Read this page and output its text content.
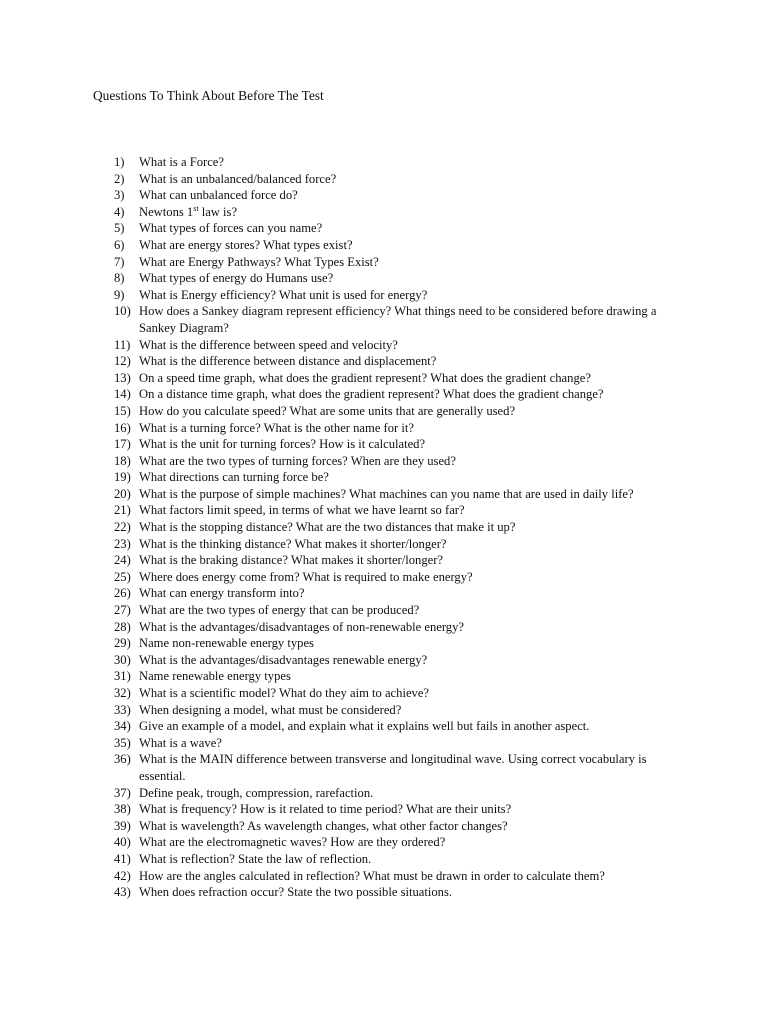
Questions To Think About Before The Test
1)	What is a Force?
2)	What is an unbalanced/balanced force?
3)	What can unbalanced force do?
4)	Newtons 1st law is?
5)	What types of forces can you name?
6)	What are energy stores? What types exist?
7)	What are Energy Pathways? What Types Exist?
8)	What types of energy do Humans use?
9)	What is Energy efficiency? What unit is used for energy?
10) How does a Sankey diagram represent efficiency? What things need to be considered before drawing a Sankey Diagram?
11) What is the difference between speed and velocity?
12) What is the difference between distance and displacement?
13) On a speed time graph, what does the gradient represent? What does the gradient change?
14) On a distance time graph, what does the gradient represent? What does the gradient change?
15) How do you calculate speed? What are some units that are generally used?
16) What is a turning force? What is the other name for it?
17) What is the unit for turning forces? How is it calculated?
18) What are the two types of turning forces? When are they used?
19) What directions can turning force be?
20) What is the purpose of simple machines? What machines can you name that are used in daily life?
21) What factors limit speed, in terms of what we have learnt so far?
22) What is the stopping distance? What are the two distances that make it up?
23) What is the thinking distance? What makes it shorter/longer?
24) What is the braking distance? What makes it shorter/longer?
25) Where does energy come from? What is required to make energy?
26) What can energy transform into?
27) What are the two types of energy that can be produced?
28) What is the advantages/disadvantages of non-renewable energy?
29) Name non-renewable energy types
30) What is the advantages/disadvantages renewable energy?
31) Name renewable energy types
32) What is a scientific model? What do they aim to achieve?
33) When designing a model, what must be considered?
34) Give an example of a model, and explain what it explains well but fails in another aspect.
35) What is a wave?
36) What is the MAIN difference between transverse and longitudinal wave. Using correct vocabulary is essential.
37) Define peak, trough, compression, rarefaction.
38) What is frequency? How is it related to time period? What are their units?
39) What is wavelength? As wavelength changes, what other factor changes?
40) What are the electromagnetic waves? How are they ordered?
41) What is reflection? State the law of reflection.
42) How are the angles calculated in reflection? What must be drawn in order to calculate them?
43) When does refraction occur? State the two possible situations.
